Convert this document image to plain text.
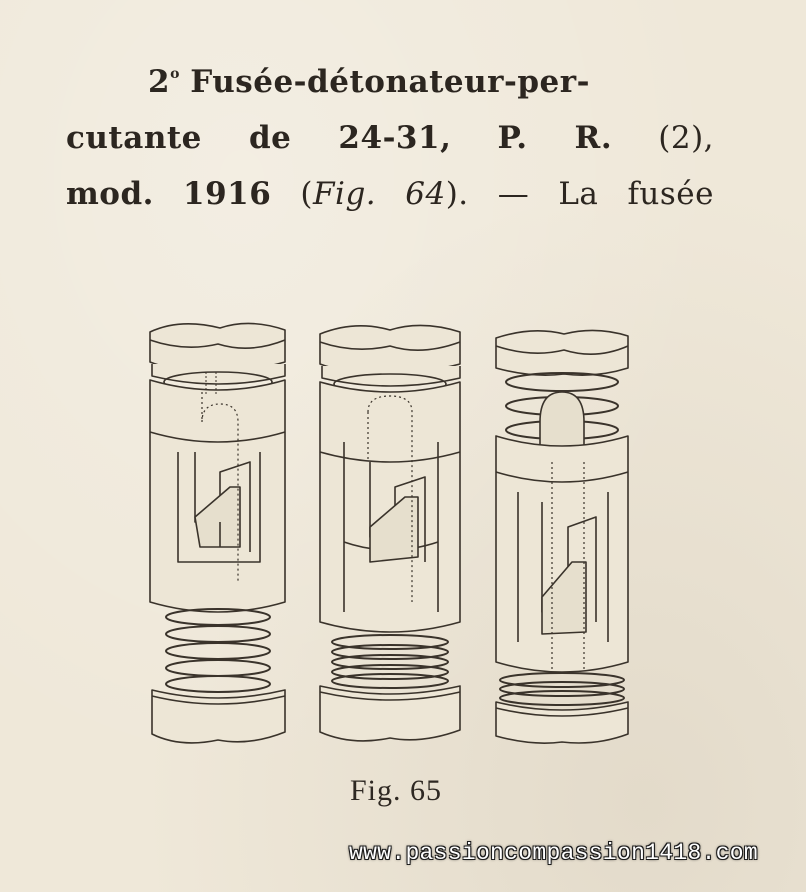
2$^o$ Fusée-détonateur-per-
cutante de 24-31, P. R. (2),
mod. 1916 (Fig. 64). — La fusée
Fig. 65
www.passioncompassion1418.com
